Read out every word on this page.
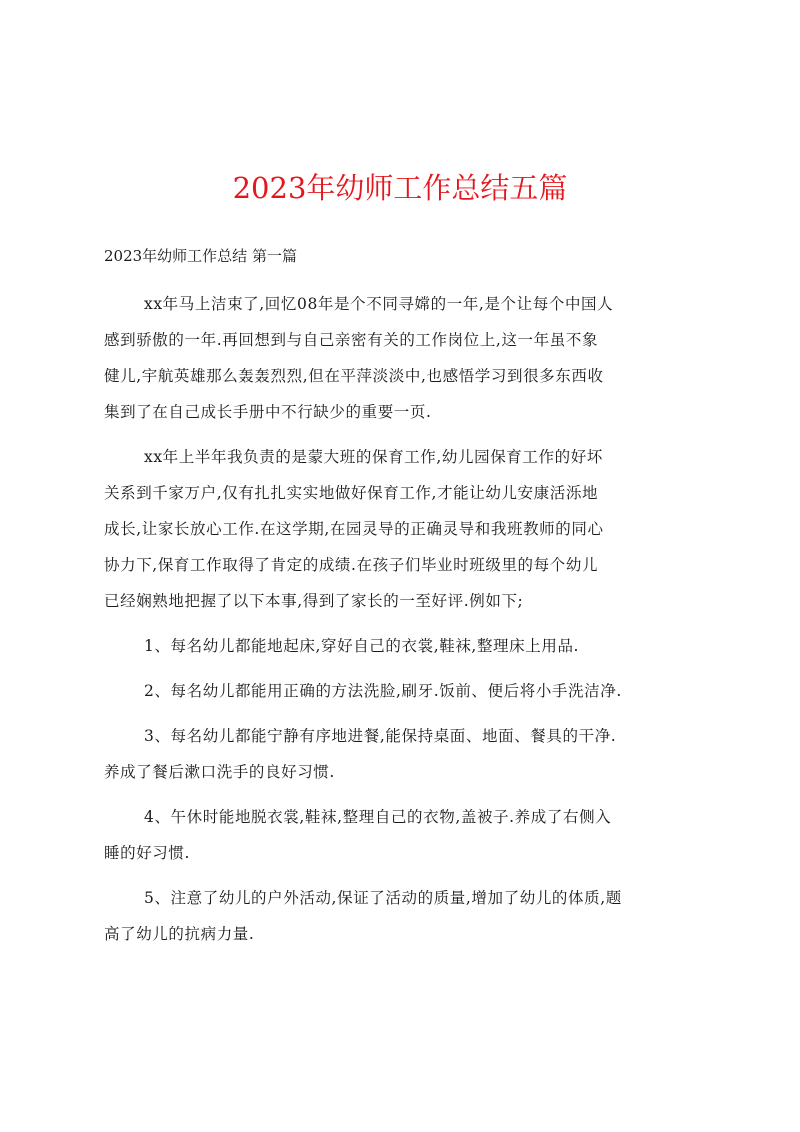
2023年幼师工作总结五篇
2023年幼师工作总结 第一篇

xx年马上洁束了,回忆08年是个不同寻嫦的一年,是个让每个中国人
感到骄傲的一年.再回想到与自己亲密有关的工作岗位上,这一年虽不象
健儿,宇航英雄那么轰轰烈烈,但在平萍淡淡中,也感悟学习到很多东西收
集到了在自己成长手册中不行缺少的重要一页.

xx年上半年我负责的是蒙大班的保育工作,幼儿园保育工作的好坏
关系到千家万户,仅有扎扎实实地做好保育工作,才能让幼儿安康活泺地
成长,让家长放心工作.在这学期,在园灵导的正确灵导和我班教师的同心
协力下,保育工作取得了肯定的成绩.在孩子们毕业时班级里的每个幼儿
已经娴熟地把握了以下本事,得到了家长的一至好评.例如下;

1、每名幼儿都能地起床,穿好自己的衣裳,鞋袜,整理床上用品.

2、每名幼儿都能用正确的方法洗脸,刷牙.饭前、便后将小手洗洁净.

3、每名幼儿都能宁静有序地进餐,能保持桌面、地面、餐具的干净.
养成了餐后漱口洗手的良好习惯.

4、午休时能地脱衣裳,鞋袜,整理自己的衣物,盖被子.养成了右侧入
睡的好习惯.

5、注意了幼儿的户外活动,保证了活动的质量,增加了幼儿的体质,题
高了幼儿的抗病力量.
